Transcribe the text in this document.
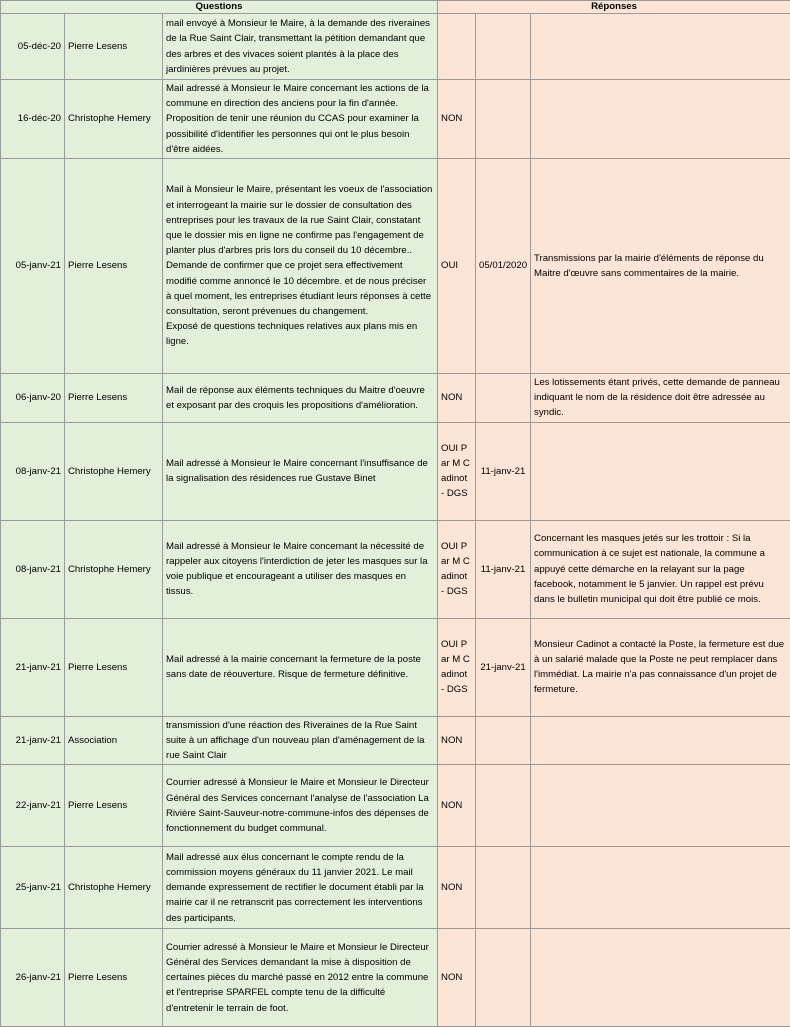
Questions			Réponses		
05-déc-20	Pierre Lesens	mail envoyé à Monsieur le Maire, à la demande des riveraines de la Rue Saint Clair, transmettant la pétition demandant que des arbres et des vivaces soient plantés à la place des jardinières prévues au projet.			
16-déc-20	Christophe Hemery	Mail adressé à Monsieur le Maire concernant les actions de la commune en direction des anciens pour la fin d'année. Proposition de tenir une réunion du CCAS pour examiner la possibilité d'identifier les personnes qui ont le plus besoin d'être aidées.	NON		
05-janv-21	Pierre Lesens	Mail à Monsieur le Maire, présentant les voeux de l'association et interrogeant la mairie sur le dossier de consultation des entreprises pour les travaux de la rue Saint Clair, constatant que le dossier mis en ligne ne confirme pas l'engagement de planter plus d'arbres pris lors du conseil du 10 décembre..
Demande de confirmer que ce projet sera effectivement modifié comme annoncé le 10 décembre. et de nous préciser à quel moment, les entreprises étudiant leurs réponses à cette consultation, seront prévenues du changement.
Exposé de questions techniques relatives aux plans mis en ligne.	OUI	05/01/2020	Transmissions par la mairie d'éléments de réponse du Maitre d'œuvre sans commentaires de la mairie.
06-janv-20	Pierre Lesens	Mail de réponse aux éléments techniques du Maitre d'oeuvre et exposant par des croquis les propositions d'amélioration.	NON		Les lotissements étant privés, cette demande de panneau indiquant le nom de la résidence doit être adressée au syndic.
08-janv-21	Christophe Hemery	Mail adressé à Monsieur le Maire concernant l'insuffisance de la signalisation des résidences rue Gustave Binet	OUI Par M Cadinot - DGS	11-janv-21	
08-janv-21	Christophe Hemery	Mail adressé à Monsieur le Maire concernant la nécessité de rappeler aux citoyens l'interdiction de jeter les masques sur la voie publique et encourageant a utiliser des masques en tissus.	OUI Par M Cadinot - DGS	11-janv-21	Concernant les masques jetés sur les trottoir : Si la communication à ce sujet est nationale, la commune a appuyé cette démarche en la relayant sur la page facebook, notamment le 5 janvier. Un rappel est prévu dans le bulletin municipal qui doit être publié ce mois.
21-janv-21	Pierre Lesens	Mail adressé à la mairie concernant la fermeture de la poste sans date de réouverture. Risque de fermeture définitive.	OUI Par M Cadinot - DGS	21-janv-21	Monsieur Cadinot a contacté la Poste, la fermeture est due à un salarié malade que la Poste ne peut remplacer dans l'immédiat. La mairie n'a pas connaissance d'un projet de fermeture.
21-janv-21	Association	transmission d'une réaction des Riveraines de la Rue Saint suite à un affichage d'un nouveau plan d'aménagement de la rue Saint Clair	NON		
22-janv-21	Pierre Lesens	Courrier adressé à Monsieur le Maire et Monsieur le Directeur Général des Services concernant l'analyse de l'association La Rivière Saint-Sauveur-notre-commune-infos des dépenses de fonctionnement du budget communal.	NON		
25-janv-21	Christophe Hemery	Mail adressé aux élus concernant le compte rendu de la commission moyens généraux du 11 janvier 2021. Le mail demande expressement de rectifier le document établi par la mairie car il ne retranscrit pas correctement les interventions des participants.	NON		
26-janv-21	Pierre Lesens	Courrier adressé à Monsieur le Maire et Monsieur le Directeur Général des Services demandant la mise à disposition de certaines pièces du marché passé en 2012 entre la commune et l'entreprise SPARFEL compte tenu de la difficulté d'entretenir le terrain de foot.	NON		
